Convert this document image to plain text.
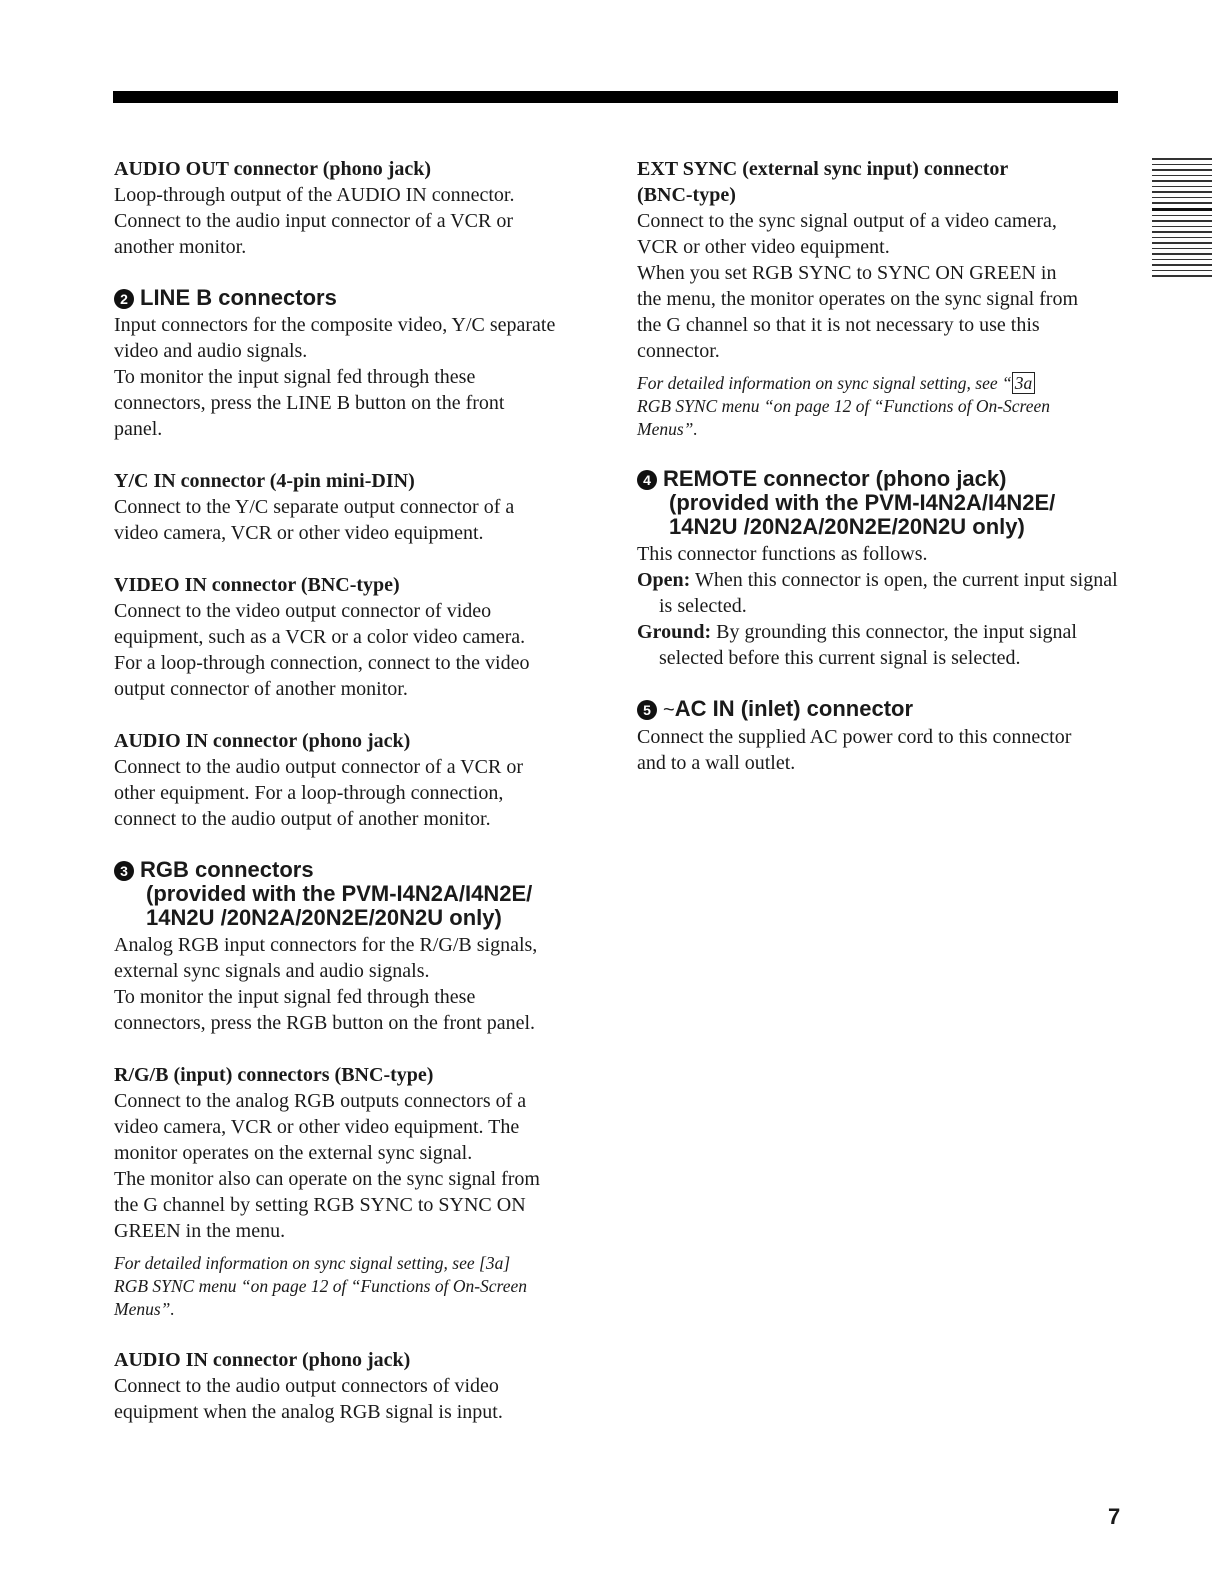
AUDIO OUT connector (phono jack)

Loop-through output of the AUDIO IN connector.

Connect to the audio input connector of a VCR or

another monitor.

2 LINE B connectors

Input connectors for the composite video, Y/C separate

video and audio signals.

To monitor the input signal fed through these

connectors, press the LINE B button on the front

panel.

Y/C IN connector (4-pin mini-DIN)

Connect to the Y/C separate output connector of a

video camera, VCR or other video equipment.

VIDEO IN connector (BNC-type)

Connect to the video output connector of video

equipment, such as a VCR or a color video camera.

For a loop-through connection, connect to the video

output connector of another monitor.

AUDIO IN connector (phono jack)

Connect to the audio output connector of a VCR or

other equipment. For a loop-through connection,

connect to the audio output of another monitor.

3 RGB connectors
(provided with the PVM-I4N2A/I4N2E/
14N2U /20N2A/20N2E/20N2U only)

Analog RGB input connectors for the R/G/B signals,

external sync signals and audio signals.

To monitor the input signal fed through these

connectors, press the RGB button on the front panel.

R/G/B (input) connectors (BNC-type)

Connect to the analog RGB outputs connectors of a

video camera, VCR or other video equipment. The

monitor operates on the external sync signal.

The monitor also can operate on the sync signal from

the G channel by setting RGB SYNC to SYNC ON

GREEN in the menu.

For detailed information on sync signal setting, see [3a]
RGB SYNC menu “on page 12 of “Functions of On-Screen
Menus”.

AUDIO IN connector (phono jack)

Connect to the audio output connectors of video

equipment when the analog RGB signal is input.

EXT SYNC (external sync input) connector

(BNC-type)

Connect to the sync signal output of a video camera,

VCR or other video equipment.

When you set RGB SYNC to SYNC ON GREEN in

the menu, the monitor operates on the sync signal from

the G channel so that it is not necessary to use this

connector.

For detailed information on sync signal setting, see “ 3a
RGB SYNC menu “on page 12 of “Functions of On-Screen
Menus”.
4 REMOTE connector (phono jack)
(provided with the PVM-I4N2A/I4N2E/
14N2U /20N2A/20N2E/20N2U only)

This connector functions as follows.

Open: When this connector is open, the current input signal is selected.

Ground: By grounding this connector, the input signal selected before this current signal is selected.

5 ~AC IN (inlet) connector

Connect the supplied AC power cord to this connector

and to a wall outlet.

7
